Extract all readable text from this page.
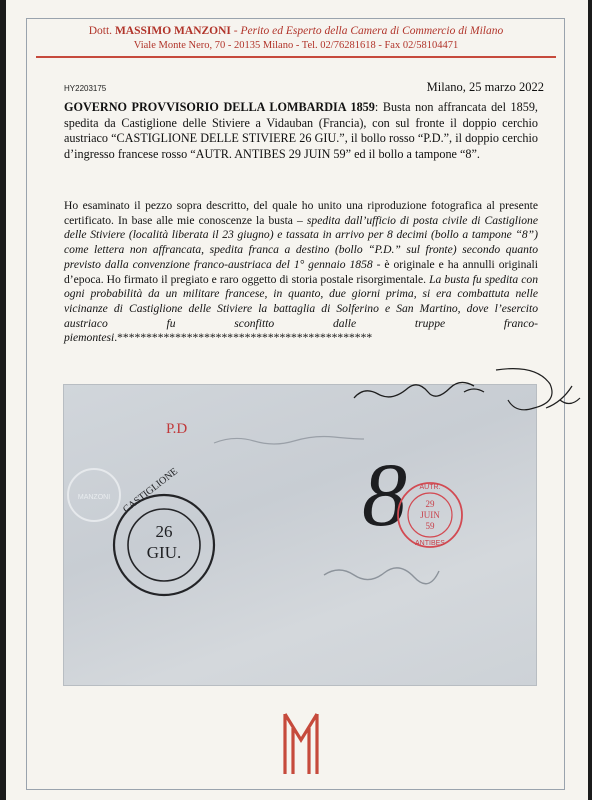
Dott. MASSIMO MANZONI - Perito ed Esperto della Camera di Commercio di Milano
Viale Monte Nero, 70 - 20135 Milano - Tel. 02/76281618 - Fax 02/58104471
HY2203175	Milano, 25 marzo 2022
GOVERNO PROVVISORIO DELLA LOMBARDIA 1859: Busta non affrancata del 1859, spedita da Castiglione delle Stiviere a Vidauban (Francia), con sul fronte il doppio cerchio austriaco “CASTIGLIONE DELLE STIVIERE 26 GIU.”, il bollo rosso “P.D.”, il doppio cerchio d’ingresso francese rosso “AUTR. ANTIBES 29 JUIN 59” ed il bollo a tampone “8”.
Ho esaminato il pezzo sopra descritto, del quale ho unito una riproduzione fotografica al presente certificato. In base alle mie conoscenze la busta – spedita dall’ufficio di posta civile di Castiglione delle Stiviere (località liberata il 23 giugno) e tassata in arrivo per 8 decimi (bollo a tampone “8”) come lettera non affrancata, spedita franca a destino (bollo “P.D.” sul fronte) secondo quanto previsto dalla convenzione franco-austriaca del 1° gennaio 1858 - è originale e ha annulli originali d’epoca. Ho firmato il pregiato e raro oggetto di storia postale risorgimentale. La busta fu spedita con ogni probabilità da un militare francese, in quanto, due giorni prima, si era combattuta nelle vicinanze di Castiglione delle Stiviere la battaglia di Solferino e San Martino, dove l’esercito austriaco fu sconfitto dalle truppe franco-piemontesi.********************************************
MANZONI
P.D
26
GIU.
CASTIGLIONE 8 AUTR.
29
JUIN
59
ANTIBES
